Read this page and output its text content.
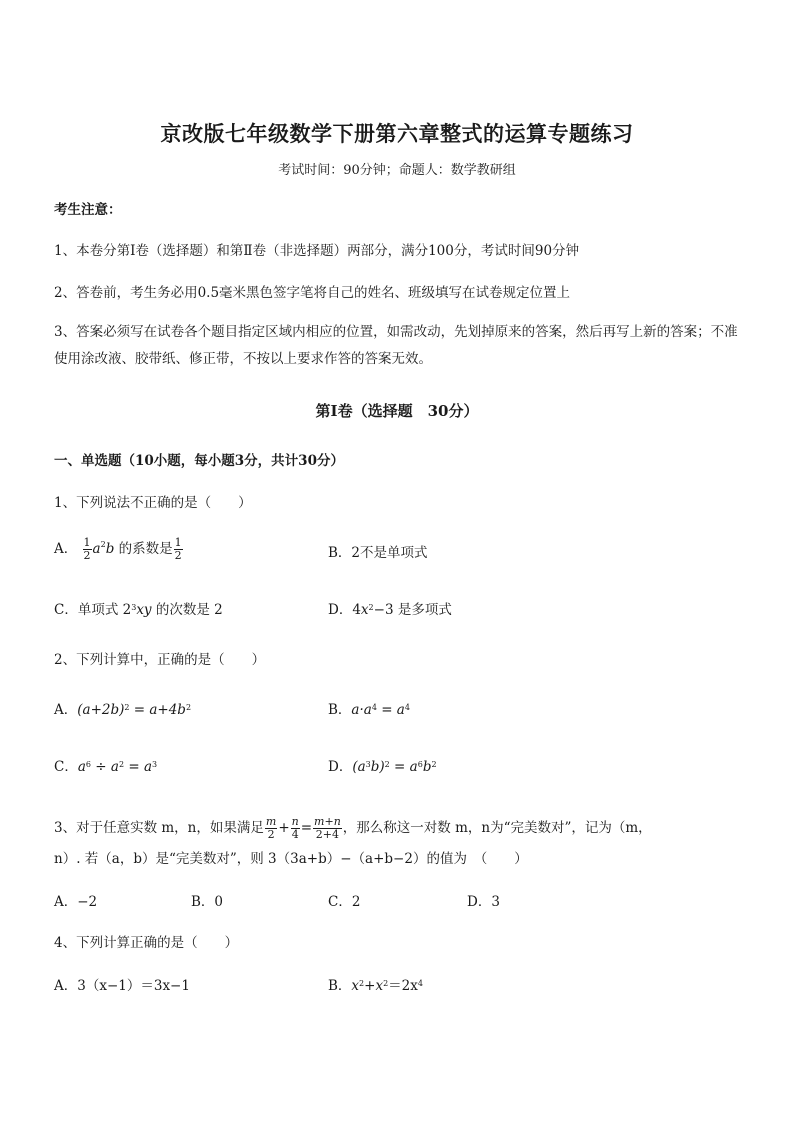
京改版七年级数学下册第六章整式的运算专题练习
考试时间：90分钟；命题人：数学教研组
考生注意：
1、本卷分第Ⅰ卷（选择题）和第Ⅱ卷（非选择题）两部分，满分100分，考试时间90分钟
2、答卷前，考生务必用0.5毫米黑色签字笔将自己的姓名、班级填写在试卷规定位置上
3、答案必须写在试卷各个题目指定区域内相应的位置，如需改动，先划掉原来的答案，然后再写上新的答案；不准使用涂改液、胶带纸、修正带，不按以上要求作答的答案无效。
第Ⅰ卷（选择题　30分）
一、单选题（10小题，每小题3分，共计30分）
1、下列说法不正确的是（　　）
A． $\frac{1}{2} a^2b$ 的系数是 $\frac{1}{2}$	B．2不是单项式
C．单项式 $2^3xy$ 的次数是 2	D．$4x^2-3$ 是多项式
2、下列计算中，正确的是（　　）
A．$(a+2b)^2 = a+4b^2$	B．$a\cdot a^4 = a^4$
C．$a^6 \div a^2 = a^3$	D．$(a^3b)^2 = a^6b^2$
3、对于任意实数 m，n，如果满足 $\frac{m}{2} + \frac{n}{4} = \frac{m+n}{2+4}$ ，那么称这一对数 m，n为“完美数对”，记为（m，
n）. 若（a，b）是“完美数对”，则 3（3a+b）−（a+b−2）的值为　（　　）
A．−2	B．0	C．2	D．3
4、下列计算正确的是（　　）
A．3（x−1）＝3x−1	B．$x^2+x^2=2x^4$
